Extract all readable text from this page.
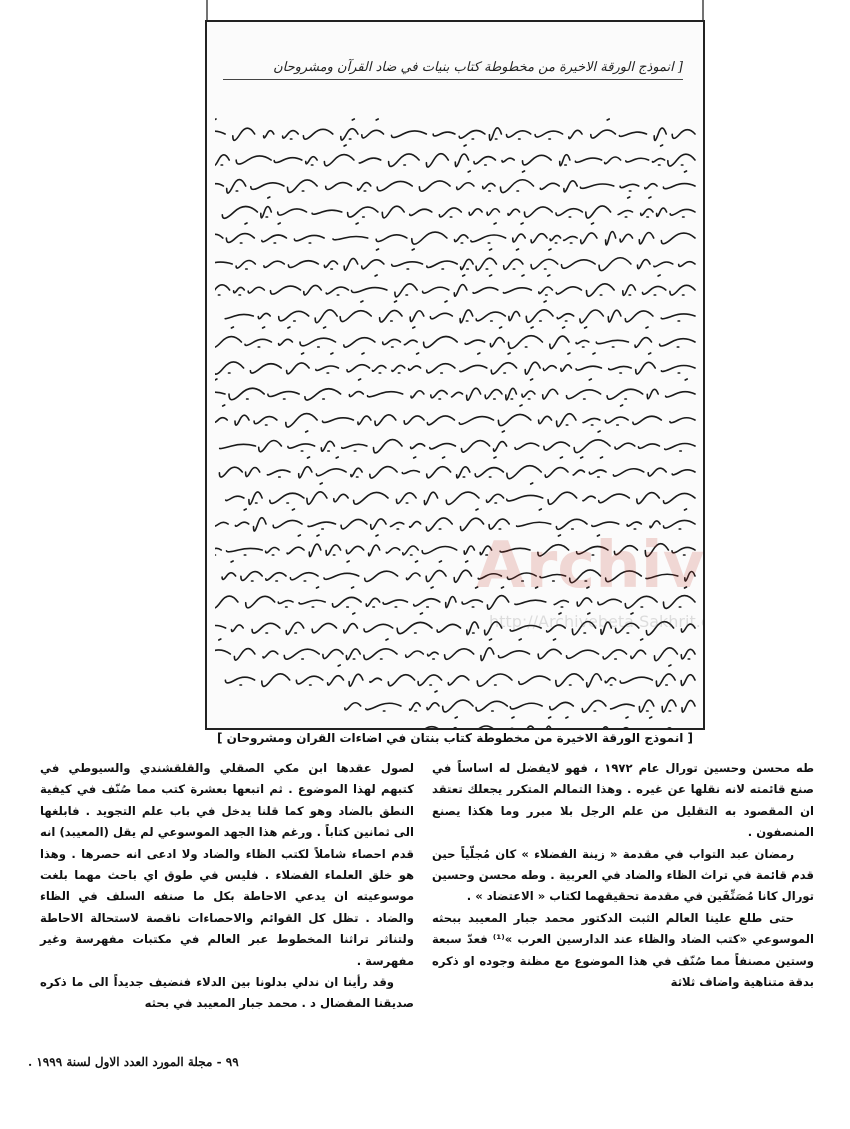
[ انموذج الورقة الاخيرة من مخطوطة كتاب بنيات في ضاد القرآن ومشروحان
Archive
http://Archivebeta.Sakhrit.com
[ انموذج الورقة الاخيرة من مخطوطة كتاب بنتان في اضاءات القران ومشروحان ]

طه محسن وحسين تورال عام ١٩٧٢ ، فهو لايفضل له اساساً في صنع قائمته لانه نقلها عن غيره . وهذا التمالم المتكرر يجعلك تعتقد ان المقصود به التقليل من علم الرجل بلا مبرر وما هكذا يصنع المنصفون .

رمضان عبد التواب في مقدمة « زينة الفضلاء » كان مُجلّياً حين قدم قائمة في تراث الظاء والضاد في العربية . وطه محسن وحسين تورال كانا مُصَنِّفَين في مقدمة تحقيقهما لكتاب « الاعتضاد » .

حتى طلع علينا العالم الثبت الدكتور محمد جبار المعيبد ببحثه الموسوعي «كتب الضاد والظاء عند الدارسين العرب »⁽¹⁾ فعدّ سبعة وستين مصنفاً مما صُنّف في هذا الموضوع مع مظنة وجوده او ذكره بدقة متناهية واضاف ثلاثة

لصول عقدها ابن مكي الصقلي والقلقشندي والسيوطي في كتبهم لهذا الموضوع . ثم اتبعها بعشرة كتب مما صُنّف في كيفية النطق بالضاد وهو كما قلنا يدخل في باب علم التجويد . فابلغها الى ثمانين كتاباً . ورغم هذا الجهد الموسوعي لم يقل (المعيبد) انه قدم احصاء شاملاً لكتب الظاء والضاد ولا ادعى انه حصرها . وهذا هو خلق العلماء الفضلاء . فليس في طوق اي باحث مهما بلغت موسوعيته ان يدعي الاحاطة بكل ما صنفه السلف في الظاء والضاد . تظل كل القوائم والاحصاءات ناقصة لاستحالة الاحاطة ولتناثر تراثنا المخطوط عبر العالم في مكتبات مفهرسة وغير مفهرسة .

وقد رأينا ان ندلي بدلونا بين الدلاء فنضيف جديداً الى ما ذكره صديقنا المفضال د . محمد جبار المعيبد في بحثه

٩٩ - مجلة المورد العدد الاول لسنة ١٩٩٩ .
